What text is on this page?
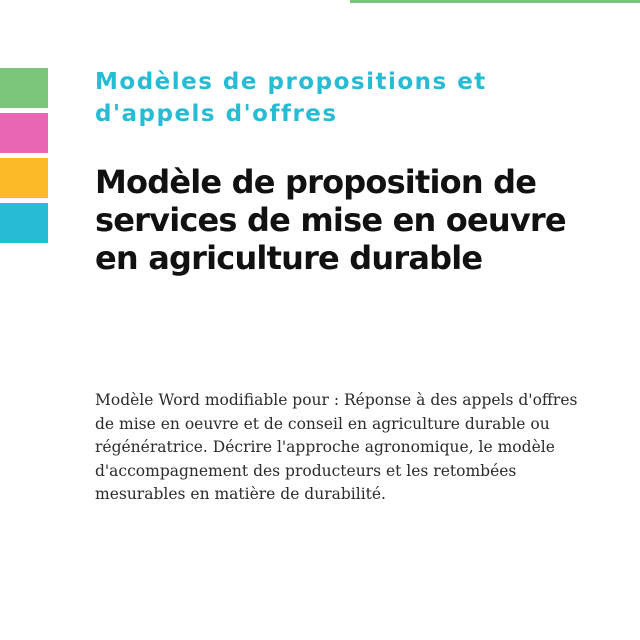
Modèles de propositions et d'appels d'offres
Modèle de proposition de services de mise en oeuvre en agriculture durable

Modèle Word modifiable pour : Réponse à des appels d'offres de mise en oeuvre et de conseil en agriculture durable ou régénératrice. Décrire l'approche agronomique, le modèle d'accompagnement des producteurs et les retombées mesurables en matière de durabilité.
